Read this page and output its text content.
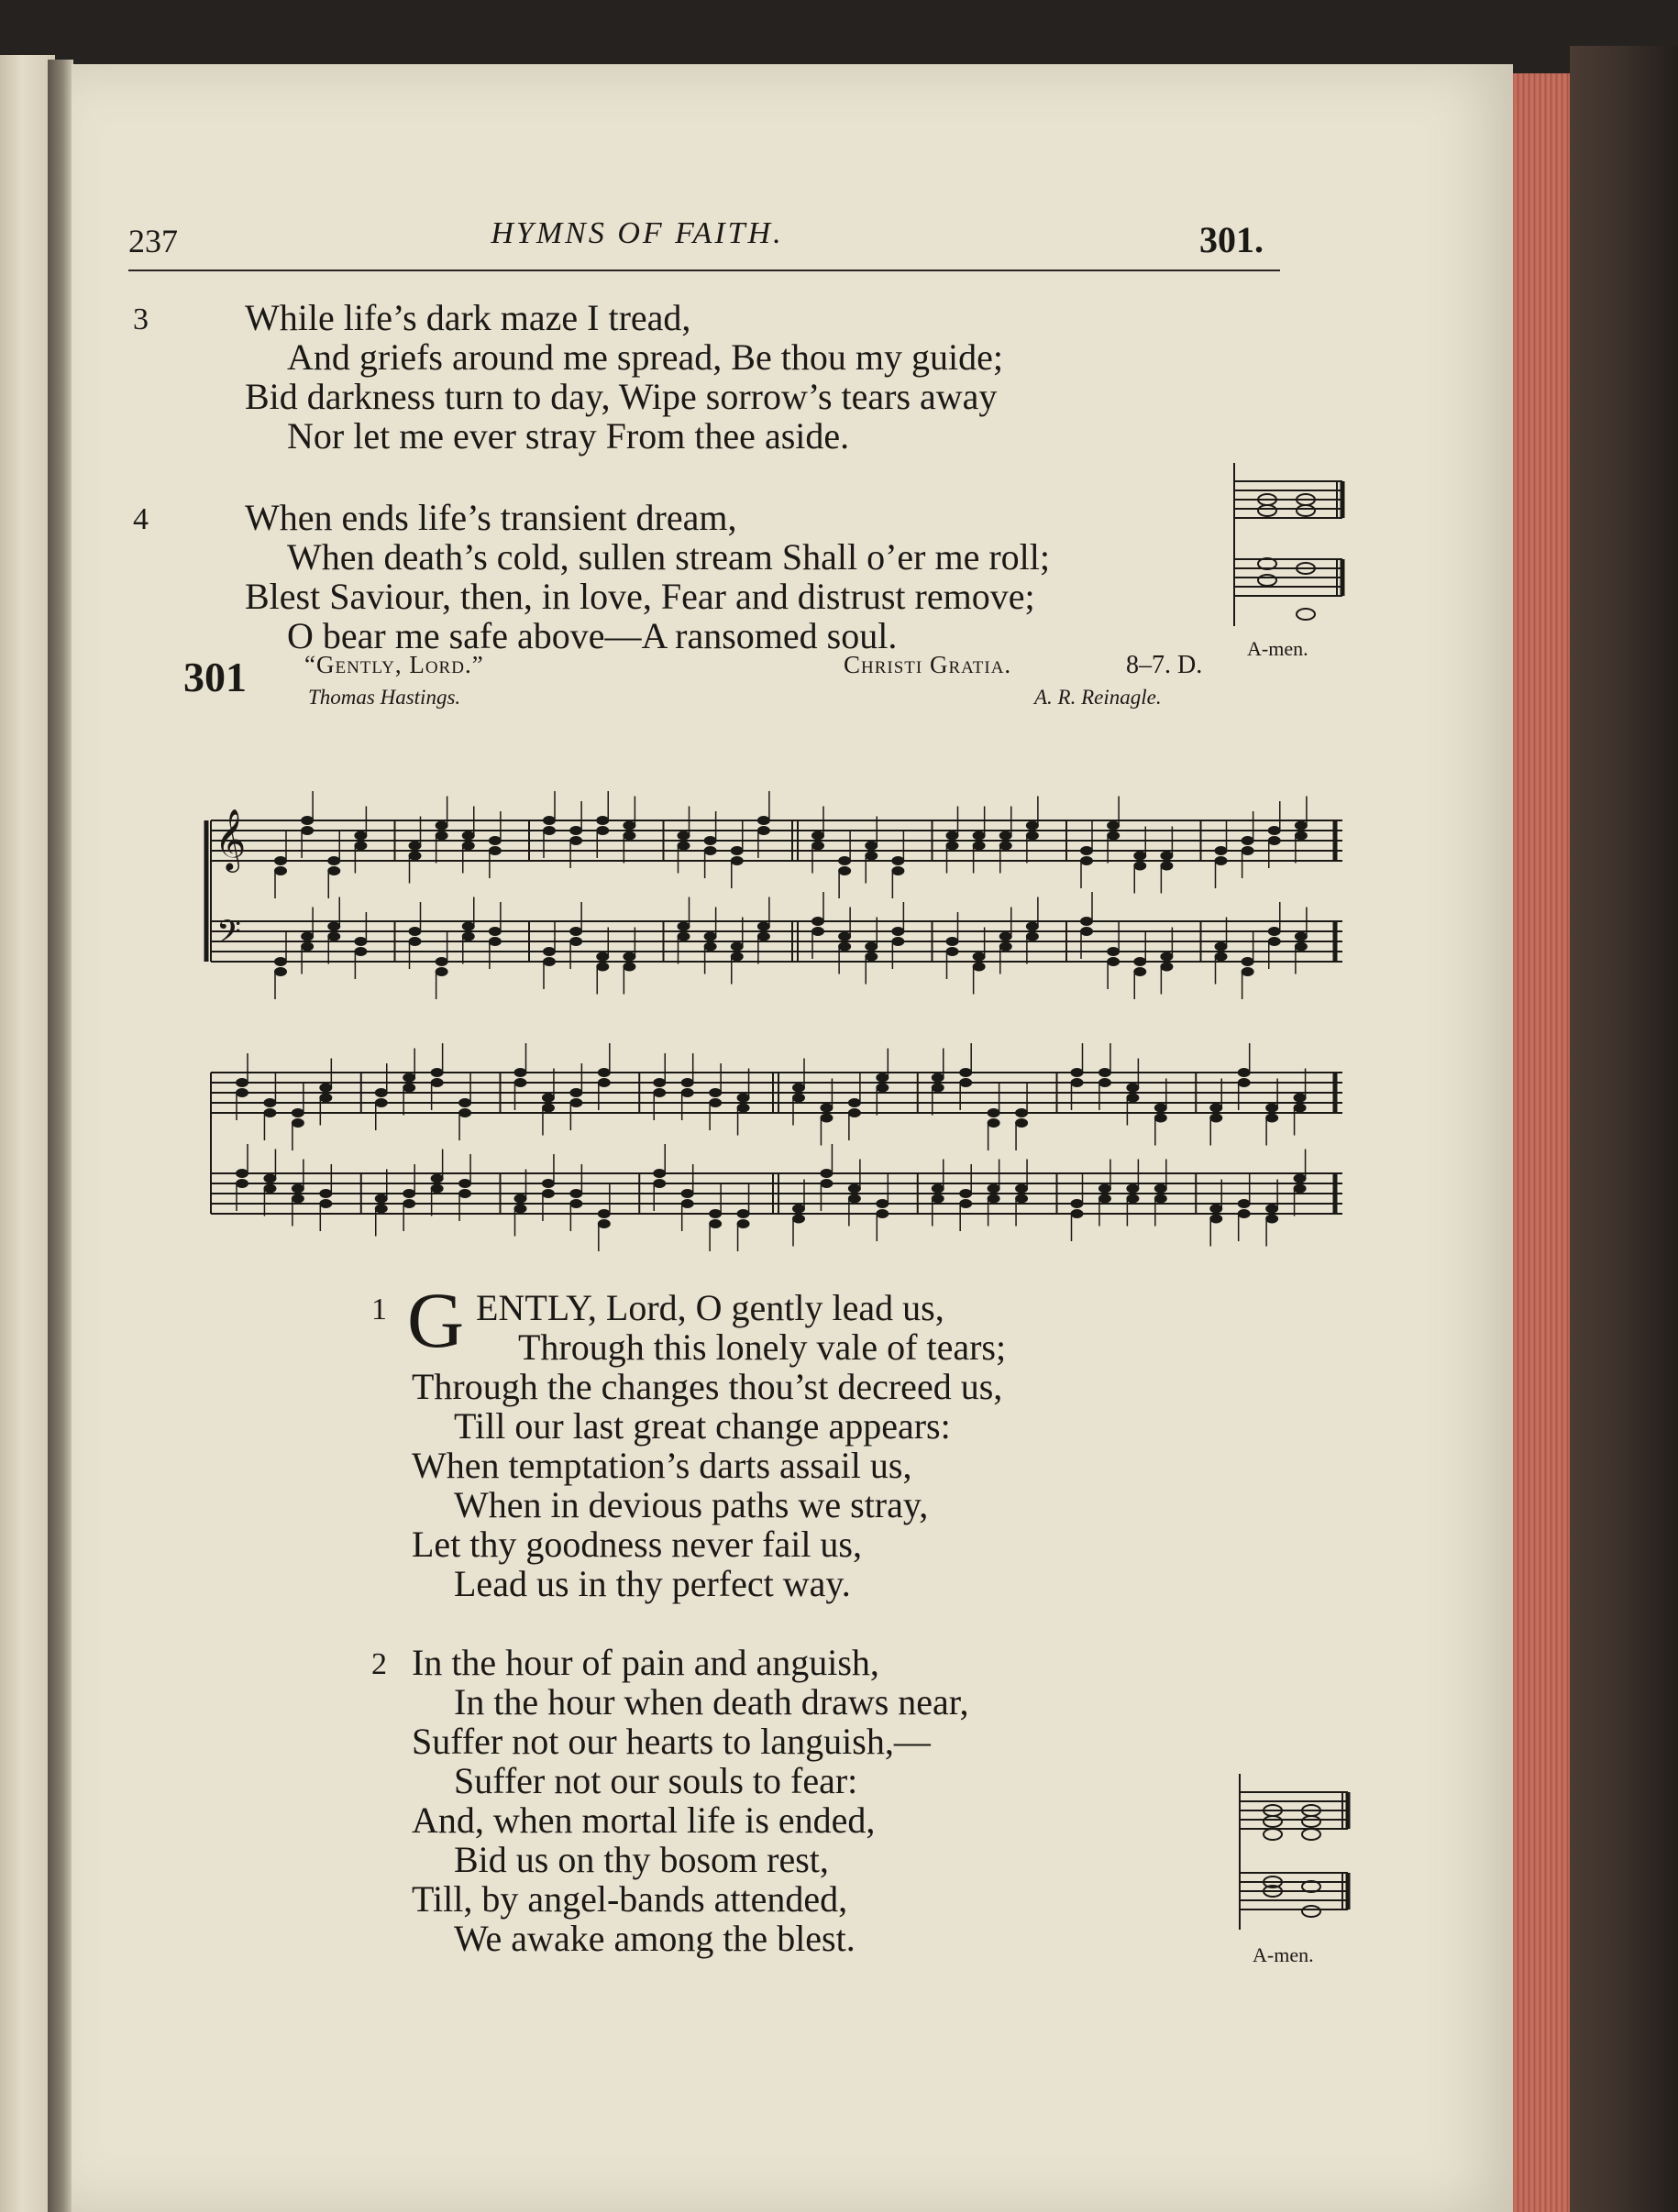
237	HYMNS OF FAITH.	301.
3	While life’s dark maze I tread,
And griefs around me spread, Be thou my guide;
Bid darkness turn to day, Wipe sorrow’s tears away
Nor let me ever stray From thee aside.
4	When ends life’s transient dream,
When death’s cold, sullen stream Shall o’er me roll;
Blest Saviour, then, in love, Fear and distrust remove;
O bear me safe above—A ransomed soul.	A-men.
301 “Gently, Lord.”	Christi Gratia.	8–7. D.
Thomas Hastings.	A. R. Reinagle.
𝄞
𝄢
1 G ENTLY, Lord, O gently lead us,
Through this lonely vale of tears;
Through the changes thou’st decreed us,
Till our last great change appears:
When temptation’s darts assail us,
When in devious paths we stray,
Let thy goodness never fail us,
Lead us in thy perfect way.
2 In the hour of pain and anguish,
In the hour when death draws near,
Suffer not our hearts to languish,—
Suffer not our souls to fear:
And, when mortal life is ended,
Bid us on thy bosom rest,
Till, by angel-bands attended,
We awake among the blest.	A-men.
